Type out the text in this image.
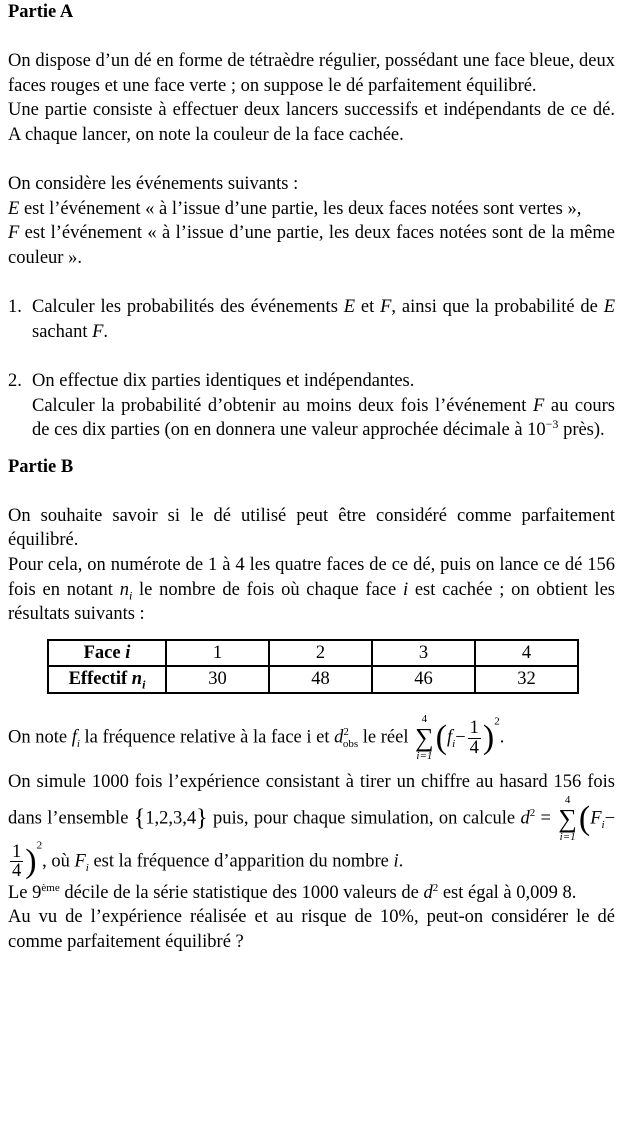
Partie A

On dispose d’un dé en forme de tétraèdre régulier, possédant une face bleue, deux faces rouges et une face verte ; on suppose le dé parfaitement équilibré.

Une partie consiste à effectuer deux lancers successifs et indépendants de ce dé. A chaque lancer, on note la couleur de la face cachée.

On considère les événements suivants :

E est l’événement « à l’issue d’une partie, les deux faces notées sont vertes »,

F est l’événement « à l’issue d’une partie, les deux faces notées sont de la même couleur ».

1. Calculer les probabilités des événements E et F, ainsi que la probabilité de E sachant F.
2. On effectue dix parties identiques et indépendantes.
Calculer la probabilité d’obtenir au moins deux fois l’événement F au cours de ces dix parties (on en donnera une valeur approchée décimale à $10^{-3}$ près).

Partie B

On souhaite savoir si le dé utilisé peut être considéré comme parfaitement équilibré.

Pour cela, on numérote de 1 à 4 les quatre faces de ce dé, puis on lance ce dé 156 fois en notant $n_i$ le nombre de fois où chaque face i est cachée ; on obtient les résultats suivants :

Face i	1	2	3	4
Effectif $n_i$	30	48	46	32

On note $f_i$ la fréquence relative à la face i et $d^2_{obs}$ le réel
4
∑
i=1 $(f_i- \frac{1}{4} )^2$.

On simule 1000 fois l’expérience consistant à tirer un chiffre au hasard 156 fois dans l’ensemble {1,2,3,4} puis, pour chaque simulation, on calcule $d^2$ =
4
∑
i=1 ($F_i-$
$\frac{1}{4} )^2$, où $F_i$ est la fréquence d’apparition du nombre i.

Le 9ème décile de la série statistique des 1000 valeurs de $d^2$ est égal à 0,009 8.

Au vu de l’expérience réalisée et au risque de 10%, peut-on considérer le dé comme parfaitement équilibré ?
